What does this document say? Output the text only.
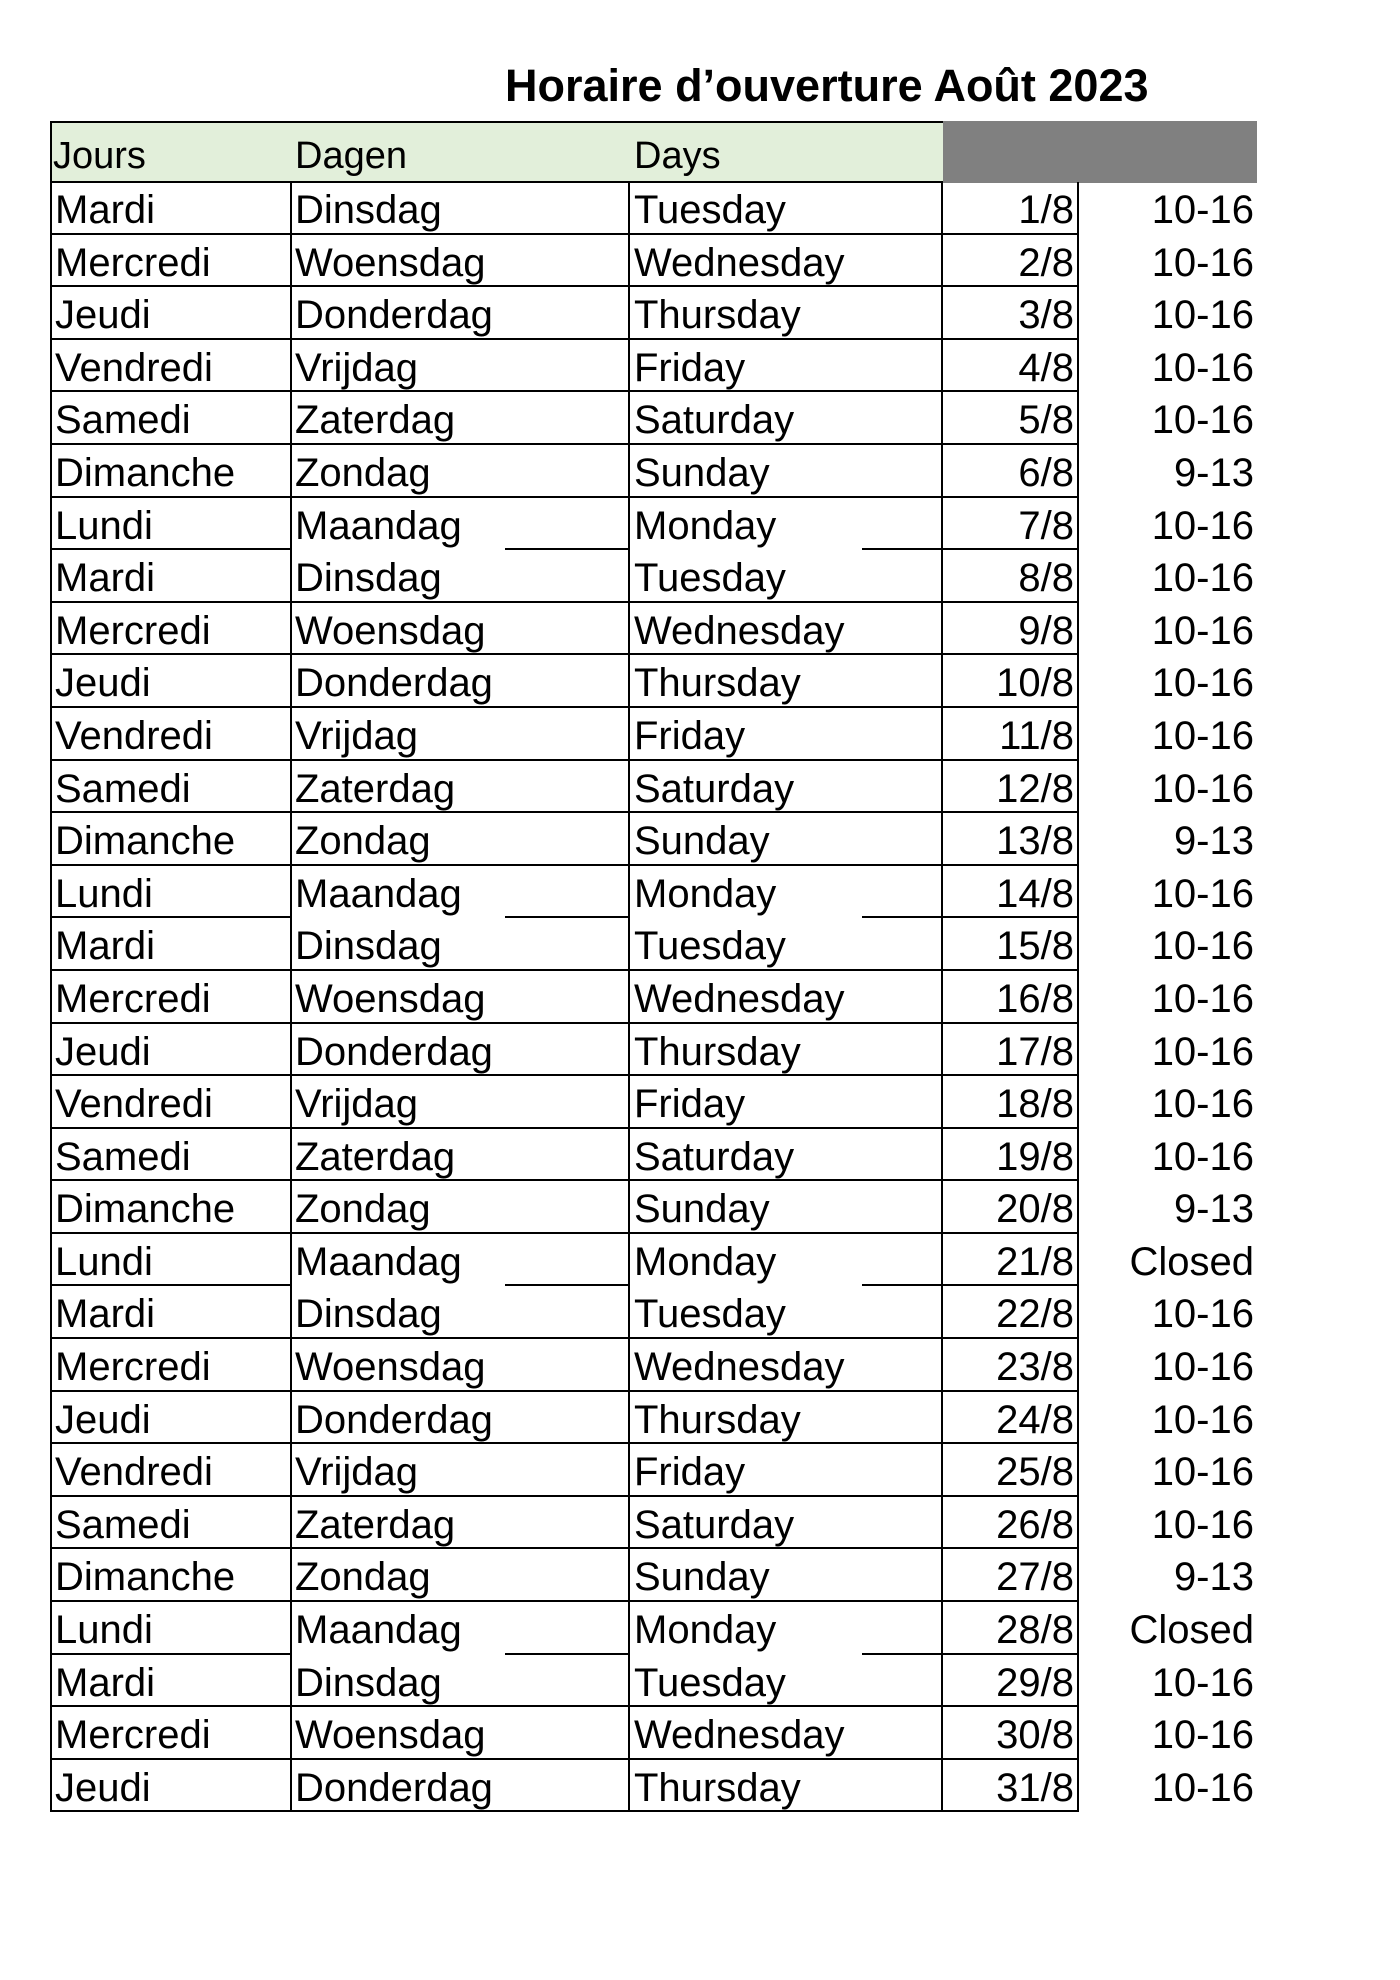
Horaire d’ouverture Août 2023
Jours	Dagen	Days
Mardi	Dinsdag	Tuesday	1/8	10-16
Mercredi	Woensdag	Wednesday	2/8	10-16
Jeudi	Donderdag	Thursday	3/8	10-16
Vendredi	Vrijdag	Friday	4/8	10-16
Samedi	Zaterdag	Saturday	5/8	10-16
Dimanche	Zondag	Sunday	6/8	9-13
Lundi	Maandag	Monday	7/8	10-16
Mardi	Dinsdag	Tuesday	8/8	10-16
Mercredi	Woensdag	Wednesday	9/8	10-16
Jeudi	Donderdag	Thursday	10/8	10-16
Vendredi	Vrijdag	Friday	11/8	10-16
Samedi	Zaterdag	Saturday	12/8	10-16
Dimanche	Zondag	Sunday	13/8	9-13
Lundi	Maandag	Monday	14/8	10-16
Mardi	Dinsdag	Tuesday	15/8	10-16
Mercredi	Woensdag	Wednesday	16/8	10-16
Jeudi	Donderdag	Thursday	17/8	10-16
Vendredi	Vrijdag	Friday	18/8	10-16
Samedi	Zaterdag	Saturday	19/8	10-16
Dimanche	Zondag	Sunday	20/8	9-13
Lundi	Maandag	Monday	21/8	Closed
Mardi	Dinsdag	Tuesday	22/8	10-16
Mercredi	Woensdag	Wednesday	23/8	10-16
Jeudi	Donderdag	Thursday	24/8	10-16
Vendredi	Vrijdag	Friday	25/8	10-16
Samedi	Zaterdag	Saturday	26/8	10-16
Dimanche	Zondag	Sunday	27/8	9-13
Lundi	Maandag	Monday	28/8	Closed
Mardi	Dinsdag	Tuesday	29/8	10-16
Mercredi	Woensdag	Wednesday	30/8	10-16
Jeudi	Donderdag	Thursday	31/8	10-16
